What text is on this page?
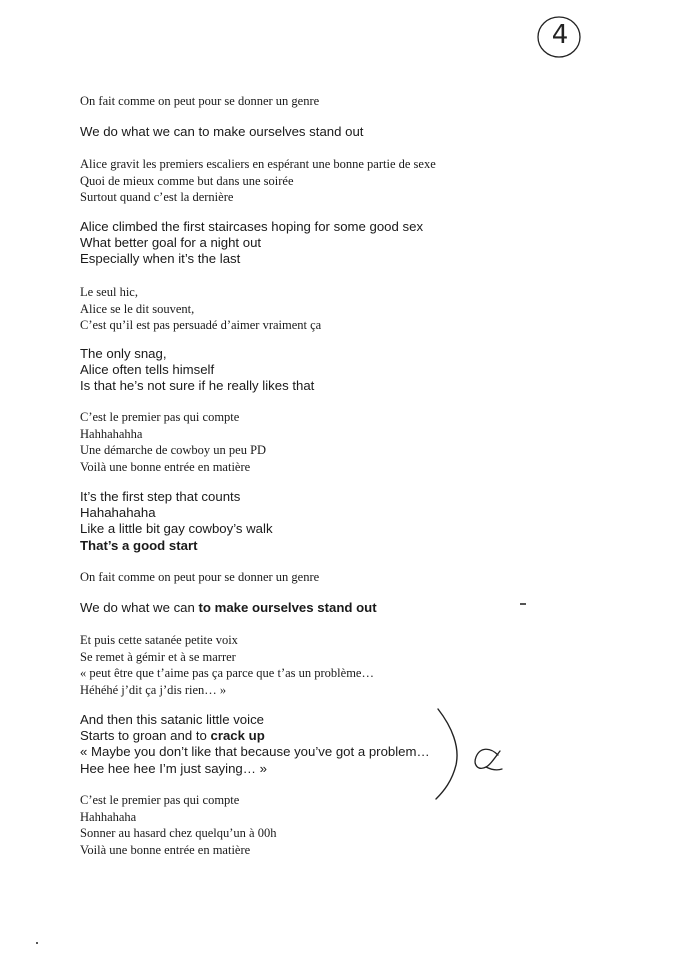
4
On fait comme on peut pour se donner un genre
We do what we can to make ourselves stand out
Alice gravit les premiers escaliers en espérant une bonne partie de sexe
Quoi de mieux comme but dans une soirée
Surtout quand c’est la dernière
Alice climbed the first staircases hoping for some good sex
What better goal for a night out
Especially when it’s the last
Le seul hic,
Alice se le dit souvent,
C’est qu’il est pas persuadé d’aimer vraiment ça
The only snag,
Alice often tells himself
Is that he’s not sure if he really likes that
C’est le premier pas qui compte
Hahhahahha
Une démarche de cowboy un peu PD
Voilà une bonne entrée en matière
It’s the first step that counts
Hahahahaha
Like a little bit gay cowboy’s walk
That’s a good start
On fait comme on peut pour se donner un genre
We do what we can to make ourselves stand out
Et puis cette satanée petite voix
Se remet à gémir et à se marrer
« peut être que t’aime pas ça parce que t’as un problème…
Héhéhé j’dit ça j’dis rien… »
And then this satanic little voice
Starts to groan and to crack up
« Maybe you don’t like that because you’ve got a problem…
Hee hee hee I’m just saying… »
C’est le premier pas qui compte
Hahhahaha
Sonner au hasard chez quelqu’un à 00h
Voilà une bonne entrée en matière
